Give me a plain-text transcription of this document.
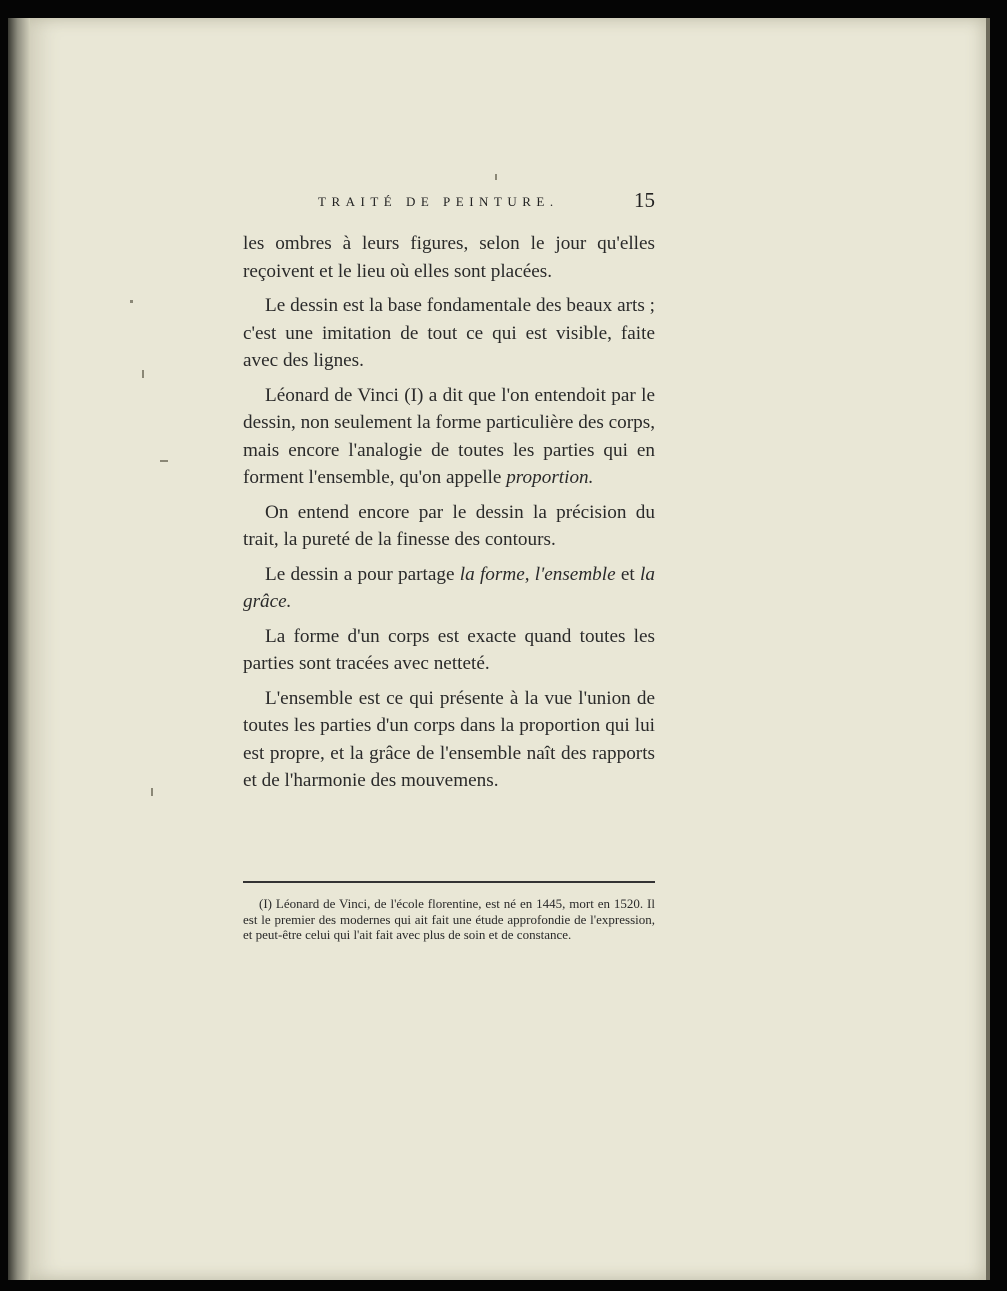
TRAITÉ DE PEINTURE.	15

les ombres à leurs figures, selon le jour qu'elles reçoivent et le lieu où elles sont placées.

Le dessin est la base fondamentale des beaux arts ; c'est une imitation de tout ce qui est visible, faite avec des lignes.

Léonard de Vinci (I) a dit que l'on entendoit par le dessin, non seulement la forme particulière des corps, mais encore l'analogie de toutes les parties qui en forment l'ensemble, qu'on appelle proportion.

On entend encore par le dessin la précision du trait, la pureté de la finesse des contours.

Le dessin a pour partage la forme, l'ensemble et la grâce.

La forme d'un corps est exacte quand toutes les parties sont tracées avec netteté.

L'ensemble est ce qui présente à la vue l'union de toutes les parties d'un corps dans la proportion qui lui est propre, et la grâce de l'ensemble naît des rapports et de l'harmonie des mouvemens.

(I) Léonard de Vinci, de l'école florentine, est né en 1445, mort en 1520. Il est le premier des modernes qui ait fait une étude approfondie de l'expression, et peut-être celui qui l'ait fait avec plus de soin et de constance.
